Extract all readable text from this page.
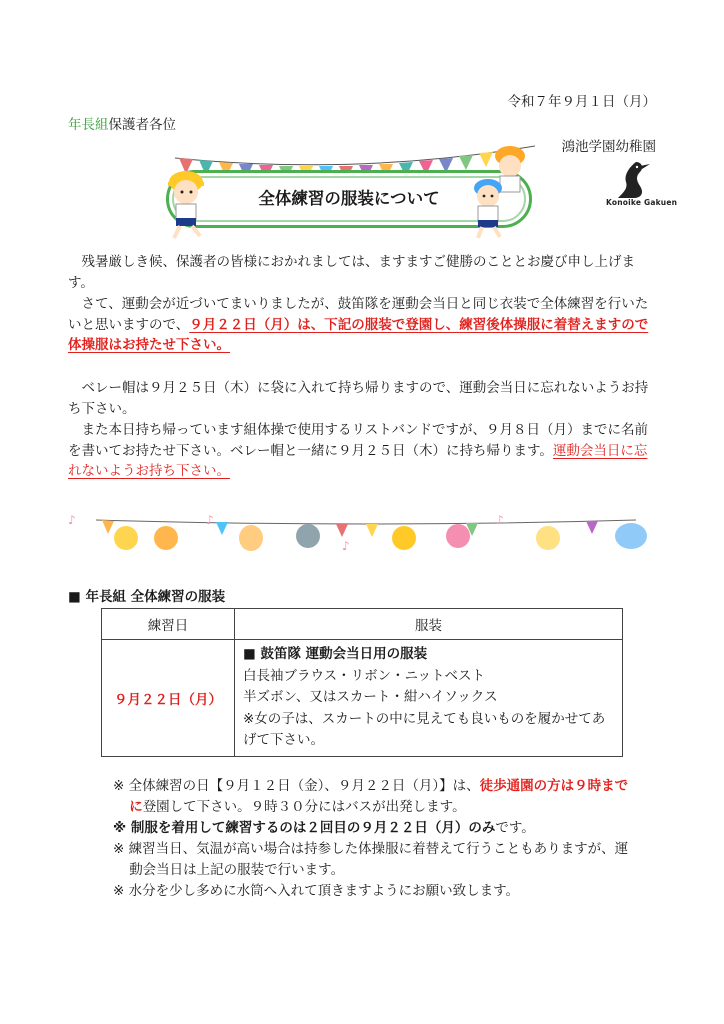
令和７年９月１日（月）
年長組保護者各位
鴻池学園幼稚園
Konoike Gakuen
全体練習の服装について

残暑厳しき候、保護者の皆様におかれましては、ますますご健勝のこととお慶び申し上げます。

さて、運動会が近づいてまいりましたが、鼓笛隊を運動会当日と同じ衣装で全体練習を行いたいと思いますので、９月２２日（月）は、下記の服装で登園し、練習後体操服に着替えますので体操服はお持たせ下さい。

ベレー帽は９月２５日（木）に袋に入れて持ち帰りますので、運動会当日に忘れないようお持ち下さい。

また本日持ち帰っています組体操で使用するリストバンドですが、９月８日（月）までに名前を書いてお持たせ下さい。ベレー帽と一緒に９月２５日（木）に持ち帰ります。運動会当日に忘れないようお持ち下さい。

♪	♪
♪
♪
■ 年長組 全体練習の服装
練習日	服装
９月２２日（月）	■ 鼓笛隊 運動会当日用の服装
白長袖ブラウス・リボン・ニットベスト
半ズボン、又はスカート・紺ハイソックス
※女の子は、スカートの中に見えても良いものを履かせてあげて下さい。
※ 全体練習の日【９月１２日（金）、９月２２日（月）】は、徒歩通園の方は９時までに登園して下さい。９時３０分にはバスが出発します。
※ 制服を着用して練習するのは２回目の９月２２日（月）のみです。
※ 練習当日、気温が高い場合は持参した体操服に着替えて行うこともありますが、運動会当日は上記の服装で行います。
※ 水分を少し多めに水筒へ入れて頂きますようにお願い致します。
